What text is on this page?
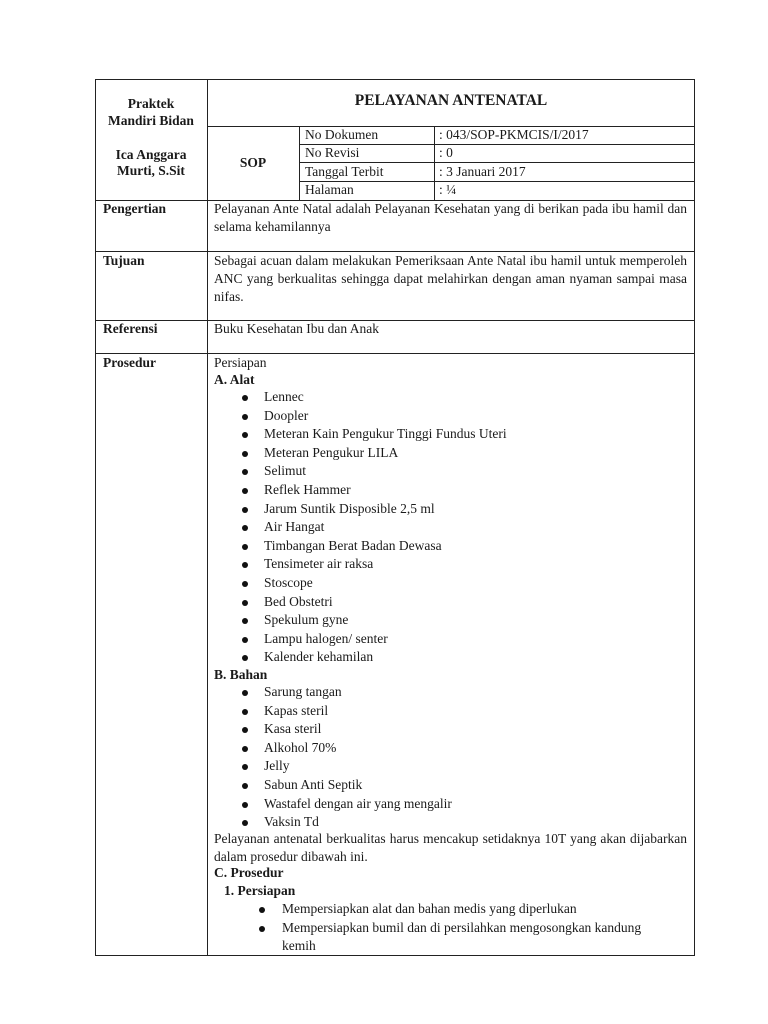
Praktek
Mandiri Bidan
Ica Anggara
Murti, S.Sit
PELAYANAN ANTENATAL
SOP
No Dokumen	: 043/SOP-PKMCIS/I/2017
No Revisi	: 0
Tanggal Terbit	: 3 Januari 2017
Halaman	: ¼
Pengertian	Pelayanan Ante Natal adalah Pelayanan Kesehatan yang di berikan pada ibu hamil dan selama kehamilannya
Tujuan	Sebagai acuan dalam melakukan Pemeriksaan Ante Natal ibu hamil untuk memperoleh ANC yang berkualitas sehingga dapat melahirkan dengan aman nyaman sampai masa nifas.
Referensi	Buku Kesehatan Ibu dan Anak
Prosedur	Persiapan
A. Alat
Lennec
Doopler
Meteran Kain Pengukur Tinggi Fundus Uteri
Meteran Pengukur LILA
Selimut
Reflek Hammer
Jarum Suntik Disposible 2,5 ml
Air Hangat
Timbangan Berat Badan Dewasa
Tensimeter air raksa
Stoscope
Bed Obstetri
Spekulum gyne
Lampu halogen/ senter
Kalender kehamilan
B. Bahan
Sarung tangan
Kapas steril
Kasa steril
Alkohol 70%
Jelly
Sabun Anti Septik
Wastafel dengan air yang mengalir
Vaksin Td
Pelayanan antenatal berkualitas harus mencakup setidaknya 10T yang akan dijabarkan dalam prosedur dibawah ini.
C. Prosedur
1. Persiapan
Mempersiapkan alat dan bahan medis yang diperlukan
Mempersiapkan bumil dan di persilahkan mengosongkan kandung
kemih
